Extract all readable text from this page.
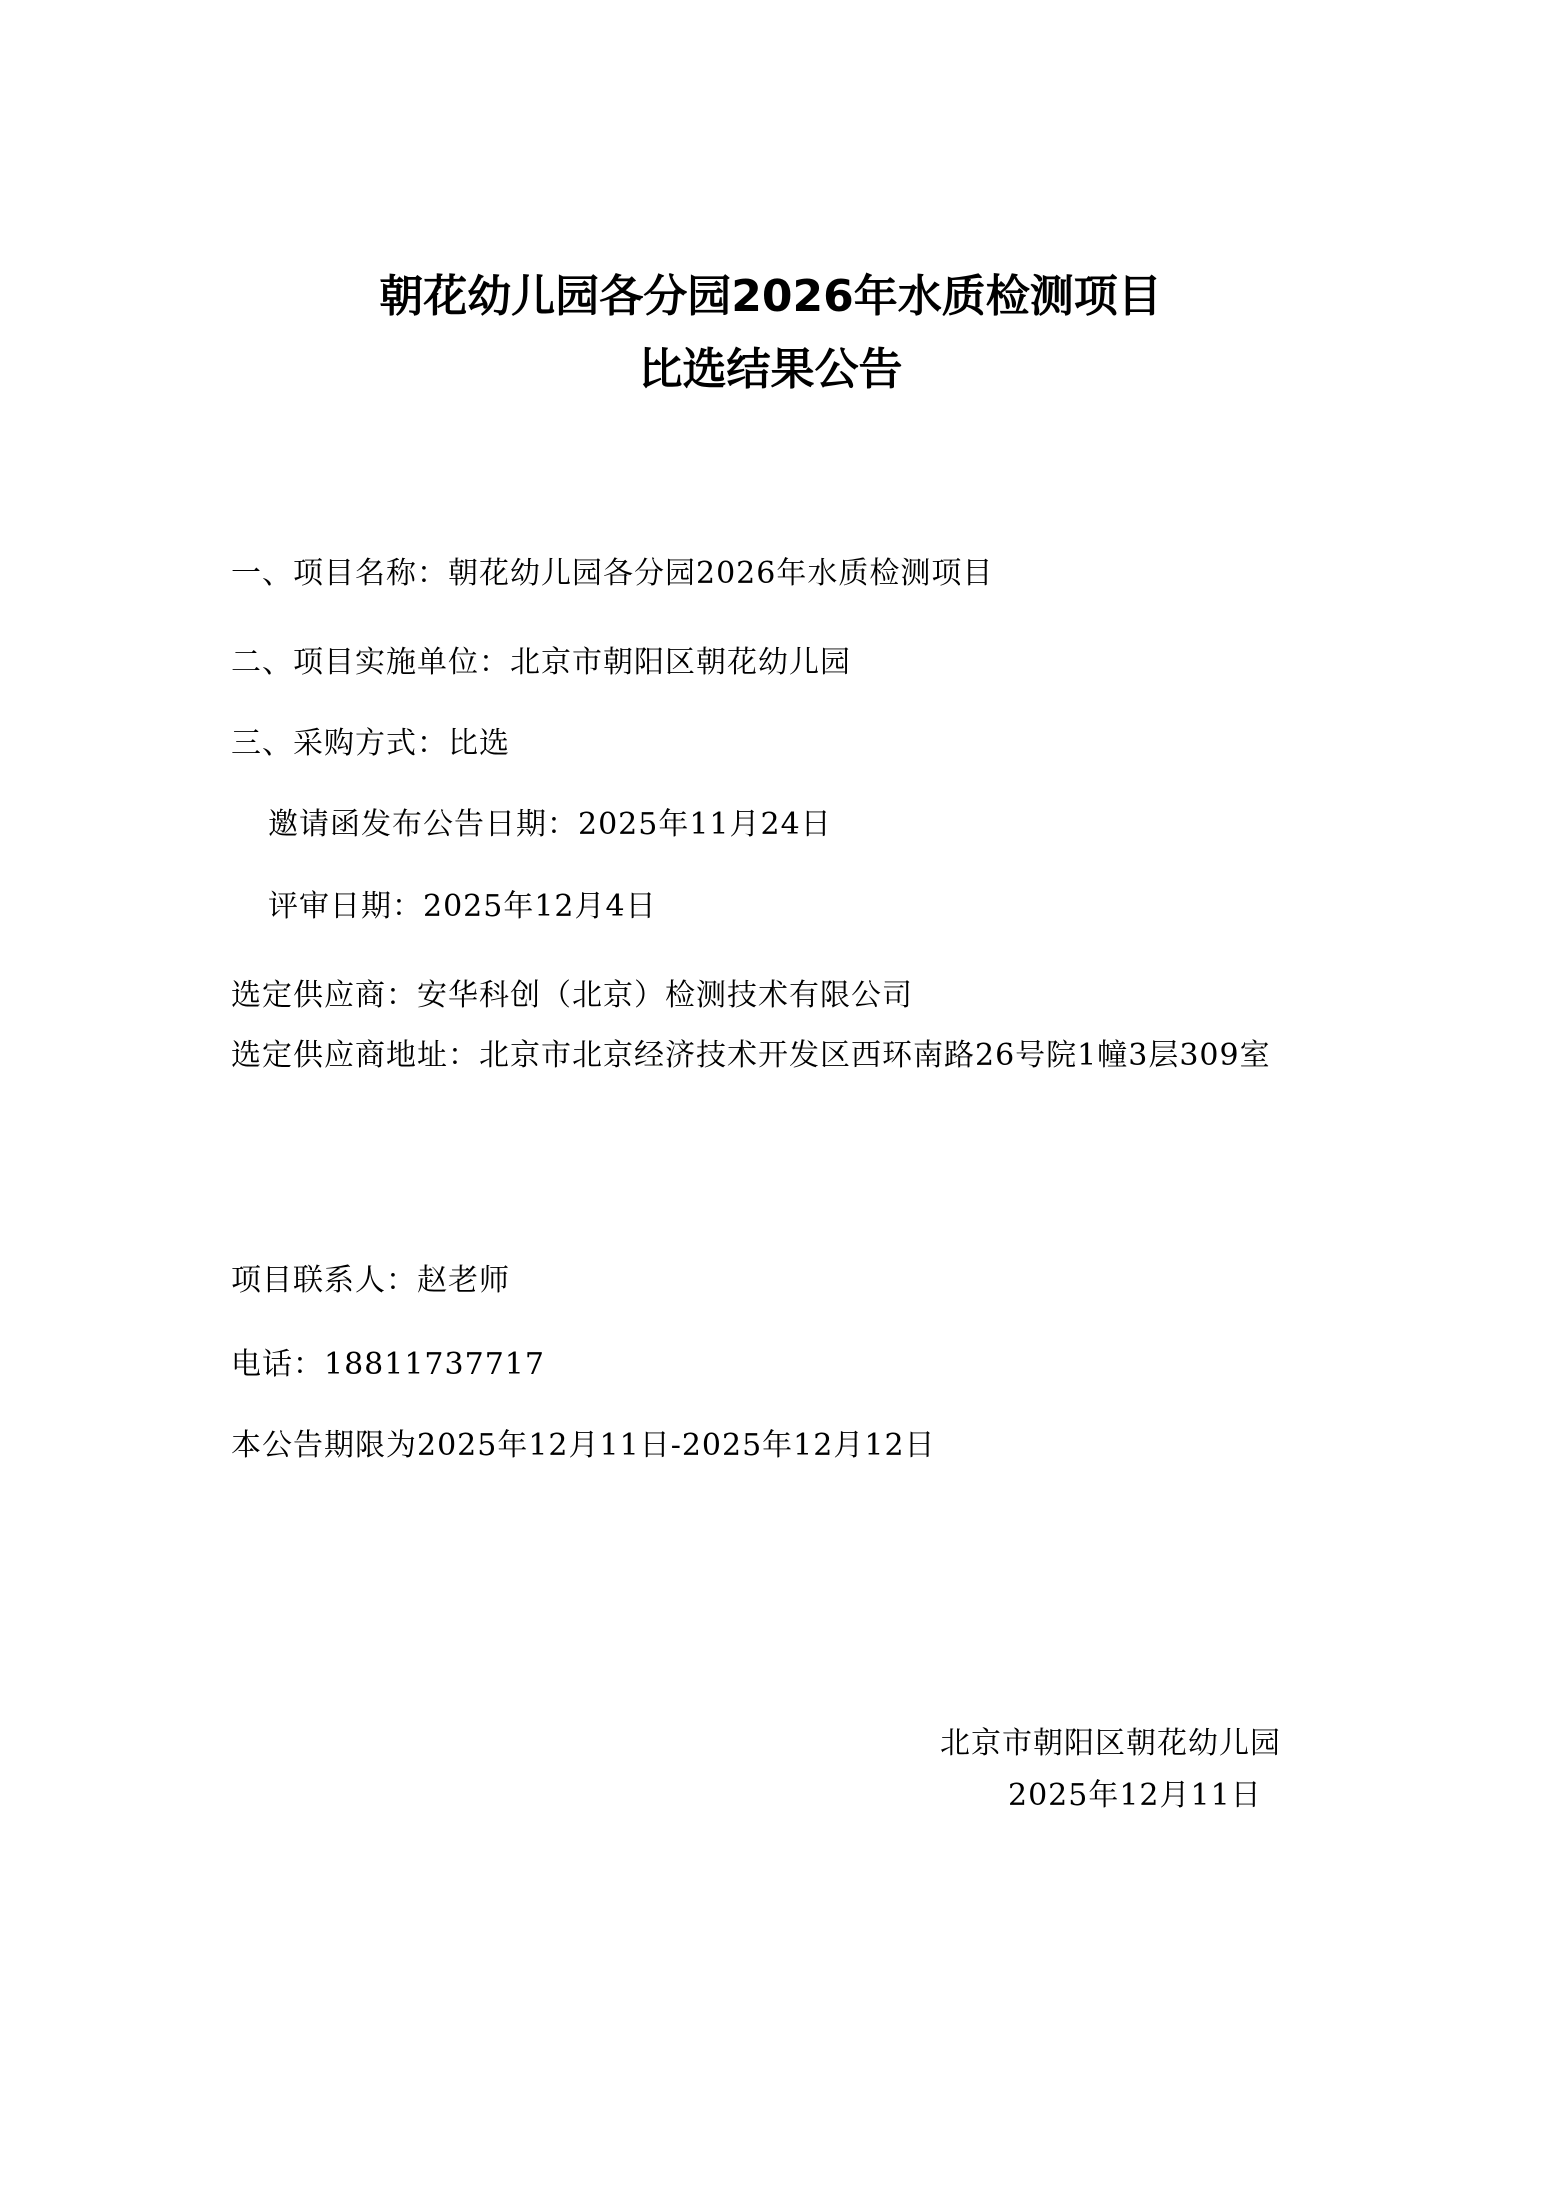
朝花幼儿园各分园2026年水质检测项目
比选结果公告
一、项目名称：朝花幼儿园各分园2026年水质检测项目
二、项目实施单位：北京市朝阳区朝花幼儿园
三、采购方式：比选
邀请函发布公告日期：2025年11月24日
评审日期：2025年12月4日
选定供应商：安华科创（北京）检测技术有限公司
选定供应商地址：北京市北京经济技术开发区西环南路26号院1幢3层309室
项目联系人：赵老师
电话：18811737717
本公告期限为2025年12月11日-2025年12月12日
北京市朝阳区朝花幼儿园
2025年12月11日
